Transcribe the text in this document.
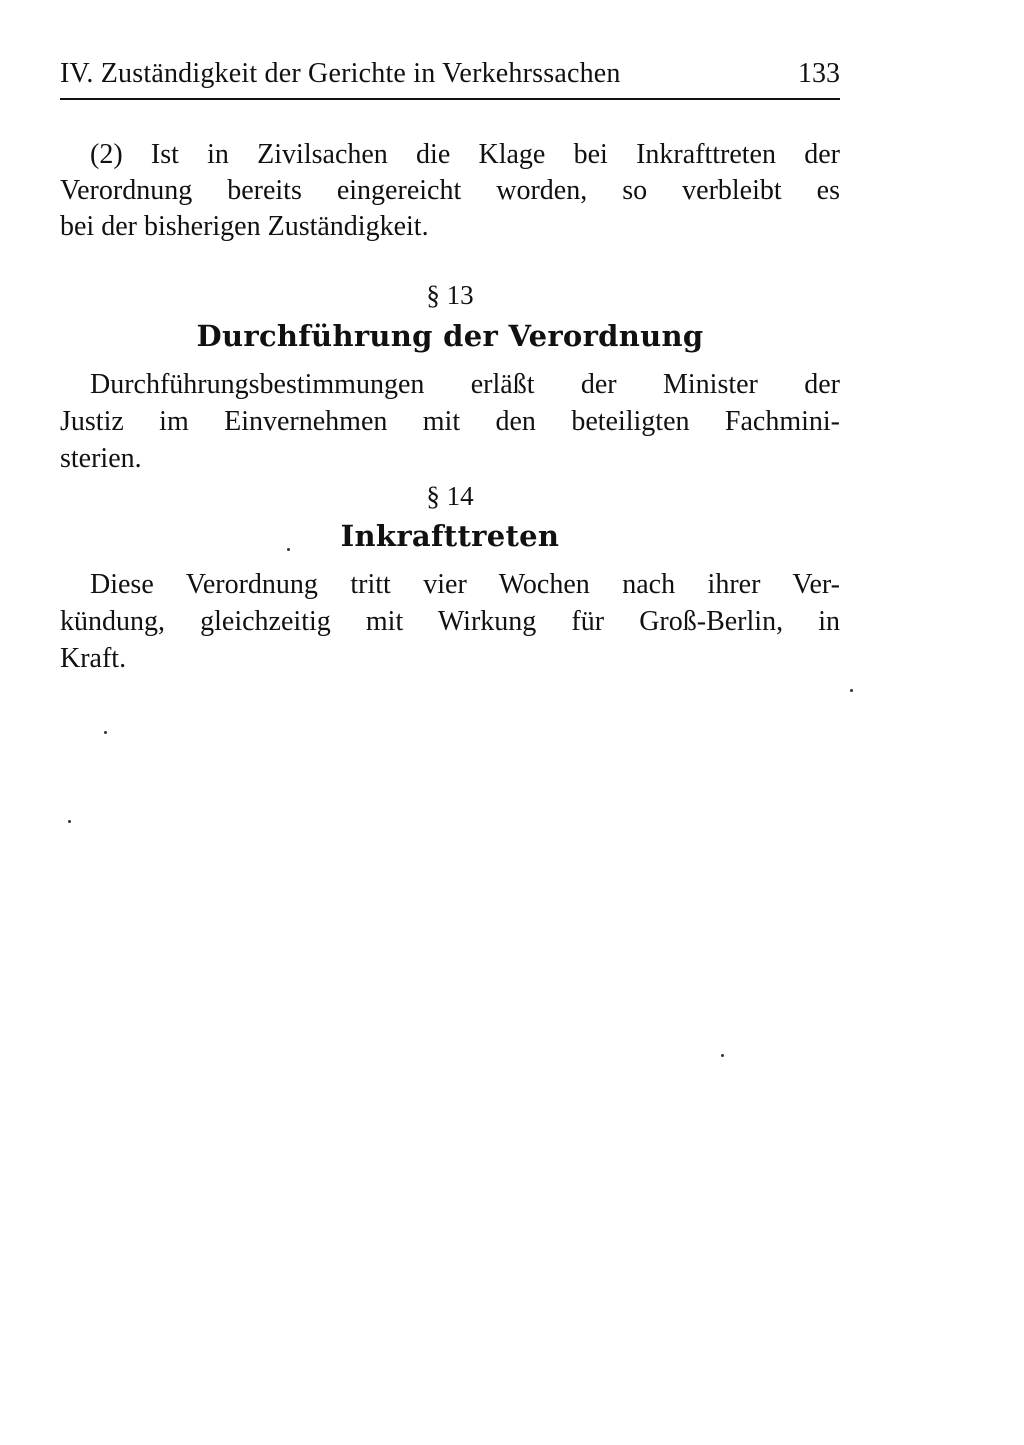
IV. Zuständigkeit der Gerichte in Verkehrssachen	133
(2) Ist in Zivilsachen die Klage bei Inkrafttreten der
Verordnung bereits eingereicht worden, so verbleibt es
bei der bisherigen Zuständigkeit.
§ 13
Durchführung der Verordnung
Durchführungsbestimmungen erläßt der Minister der
Justiz im Einvernehmen mit den beteiligten Fachmini-
sterien.
§ 14
Inkrafttreten
Diese Verordnung tritt vier Wochen nach ihrer Ver-
kündung, gleichzeitig mit Wirkung für Groß-Berlin, in
Kraft.
